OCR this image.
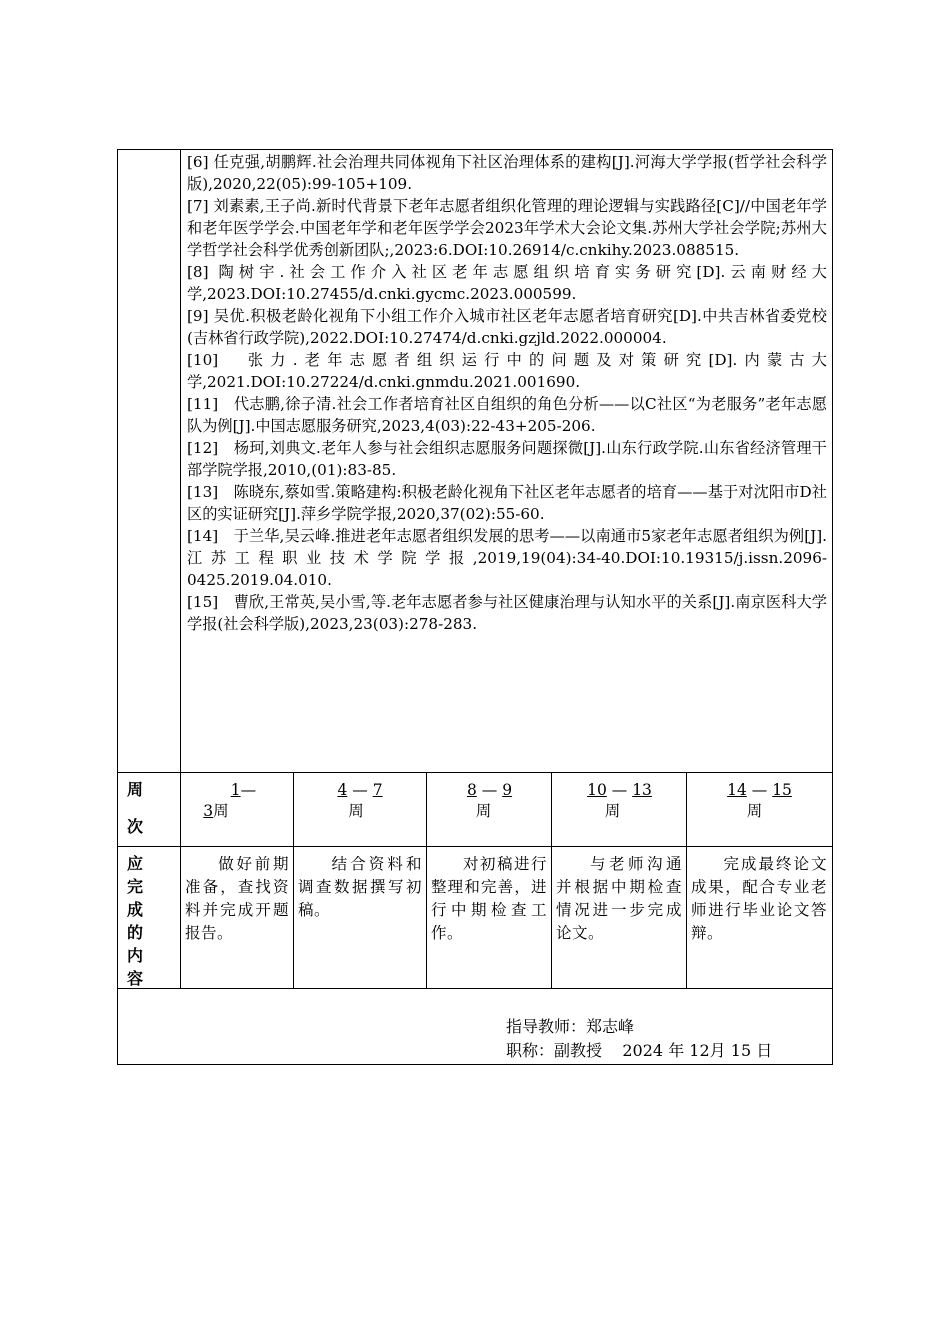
[6] 任克强,胡鹏辉.社会治理共同体视角下社区治理体系的建构[J].河海大学学报(哲学社会科学版),2020,22(05):99-105+109.

[7] 刘素素,王子尚.新时代背景下老年志愿者组织化管理的理论逻辑与实践路径[C]//中国老年学和老年医学学会.中国老年学和老年医学学会2023年学术大会论文集.苏州大学社会学院;苏州大学哲学社会科学优秀创新团队;,2023:6.DOI:10.26914/c.cnkihy.2023.088515.

[8] 陶树宇.社会工作介入社区老年志愿组织培育实务研究[D].云南财经大学,2023.DOI:10.27455/d.cnki.gycmc.2023.000599.

[9] 吴优.积极老龄化视角下小组工作介入城市社区老年志愿者培育研究[D].中共吉林省委党校(吉林省行政学院),2022.DOI:10.27474/d.cnki.gzjld.2022.000004.

[10]　张力.老年志愿者组织运行中的问题及对策研究[D].内蒙古大学,2021.DOI:10.27224/d.cnki.gnmdu.2021.001690.

[11]　代志鹏,徐子清.社会工作者培育社区自组织的角色分析——以C社区“为老服务”老年志愿队为例[J].中国志愿服务研究,2023,4(03):22-43+205-206.

[12]　杨珂,刘典文.老年人参与社会组织志愿服务问题探微[J].山东行政学院.山东省经济管理干部学院学报,2010,(01):83-85.

[13]　陈晓东,蔡如雪.策略建构:积极老龄化视角下社区老年志愿者的培育——基于对沈阳市D社区的实证研究[J].萍乡学院学报,2020,37(02):55-60.

[14]　于兰华,吴云峰.推进老年志愿者组织发展的思考——以南通市5家老年志愿者组织为例[J].江苏工程职业技术学院学报,2019,19(04):34-40.DOI:10.19315/j.issn.2096-0425.2019.04.010.

[15]　曹欣,王常英,吴小雪,等.老年志愿者参与社区健康治理与认知水平的关系[J].南京医科大学学报(社会科学版),2023,23(03):278-283.

周
次
1—
3周
4 — 7
周
8 — 9
周
10 — 13
周
14 — 15
周
应
完
成
的
内
容
做好前期准备，查找资料并完成开题报告。
结合资料和调查数据撰写初稿。
对初稿进行整理和完善，进行中期检查工作。
与老师沟通并根据中期检查情况进一步完成论文。
完成最终论文成果，配合专业老师进行毕业论文答辩。
指导教师：郑志峰
职称：副教授 2024 年 12月 15 日
